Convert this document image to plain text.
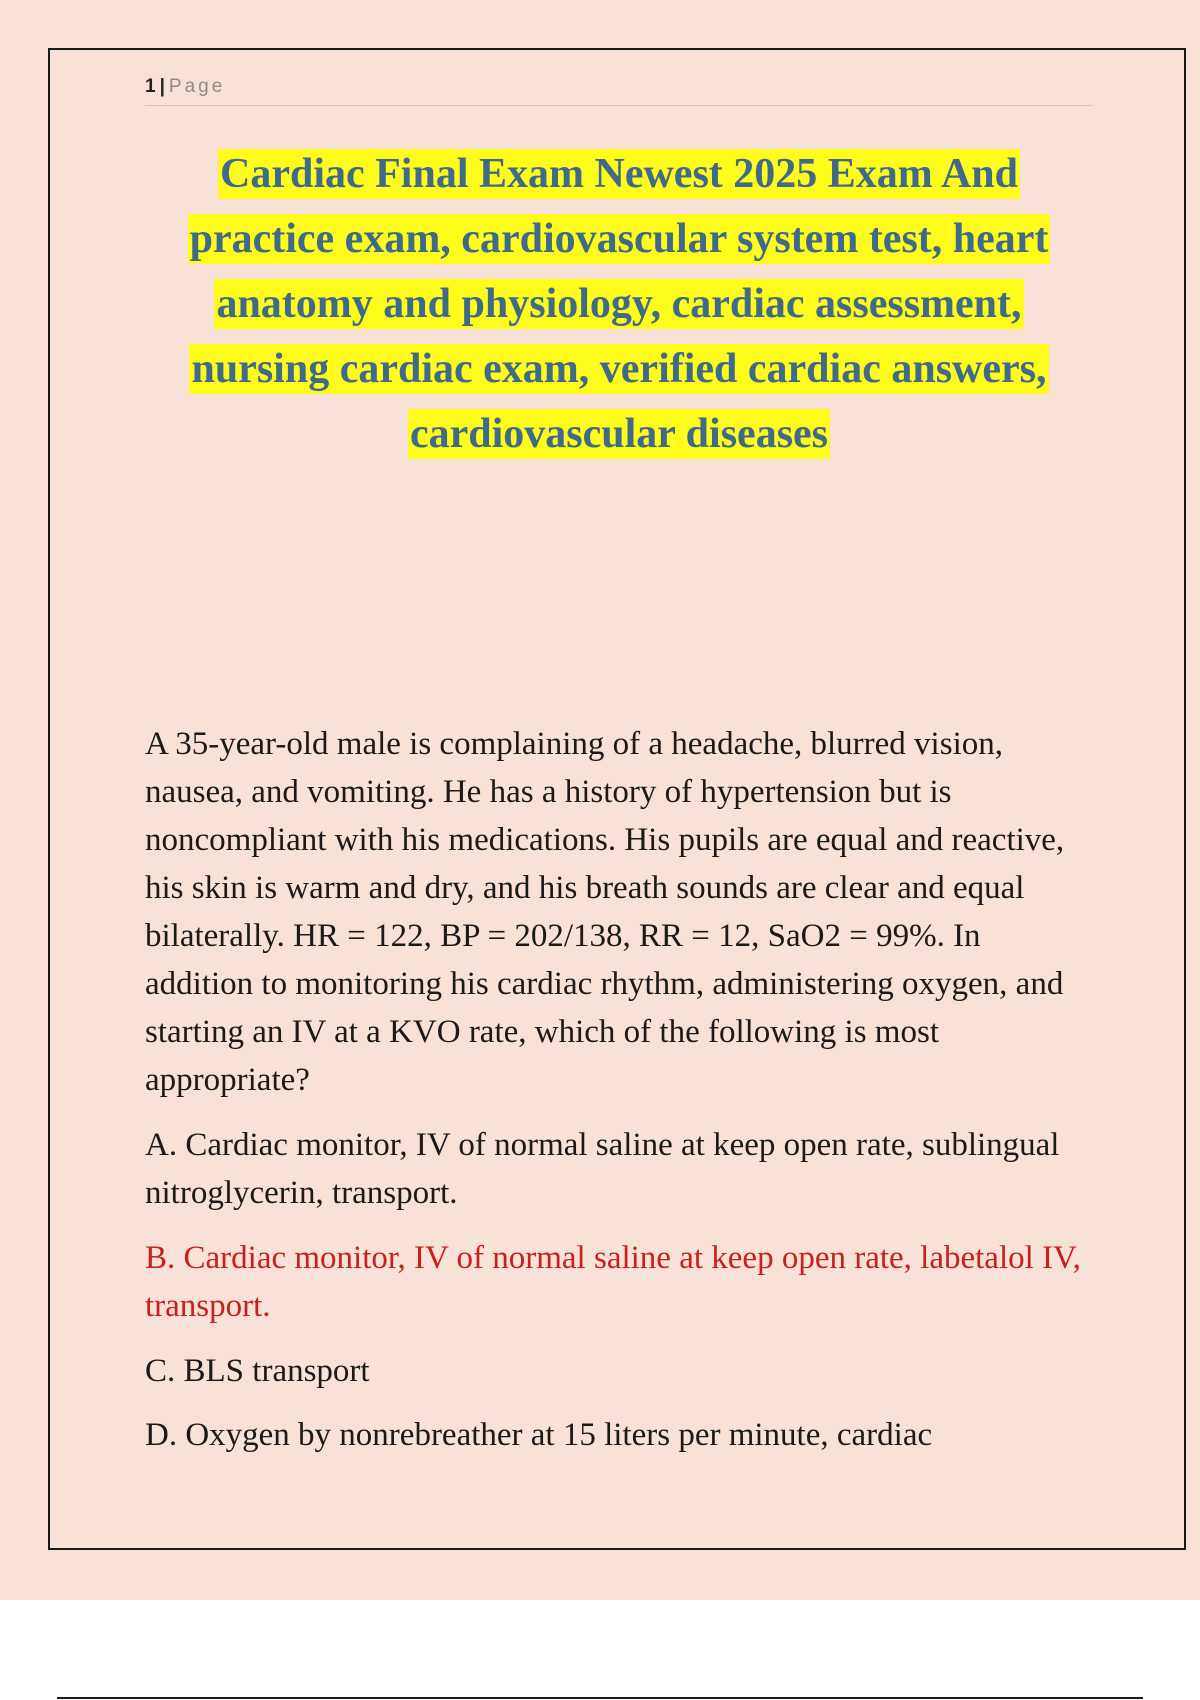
1 | Page
Cardiac Final Exam Newest 2025 Exam And practice exam, cardiovascular system test, heart anatomy and physiology, cardiac assessment, nursing cardiac exam, verified cardiac answers, cardiovascular diseases

A 35-year-old male is complaining of a headache, blurred vision, nausea, and vomiting. He has a history of hypertension but is noncompliant with his medications. His pupils are equal and reactive, his skin is warm and dry, and his breath sounds are clear and equal bilaterally. HR = 122, BP = 202/138, RR = 12, SaO2 = 99%. In addition to monitoring his cardiac rhythm, administering oxygen, and starting an IV at a KVO rate, which of the following is most appropriate?

A. Cardiac monitor, IV of normal saline at keep open rate, sublingual nitroglycerin, transport.

B. Cardiac monitor, IV of normal saline at keep open rate, labetalol IV, transport.

C. BLS transport

D. Oxygen by nonrebreather at 15 liters per minute, cardiac
